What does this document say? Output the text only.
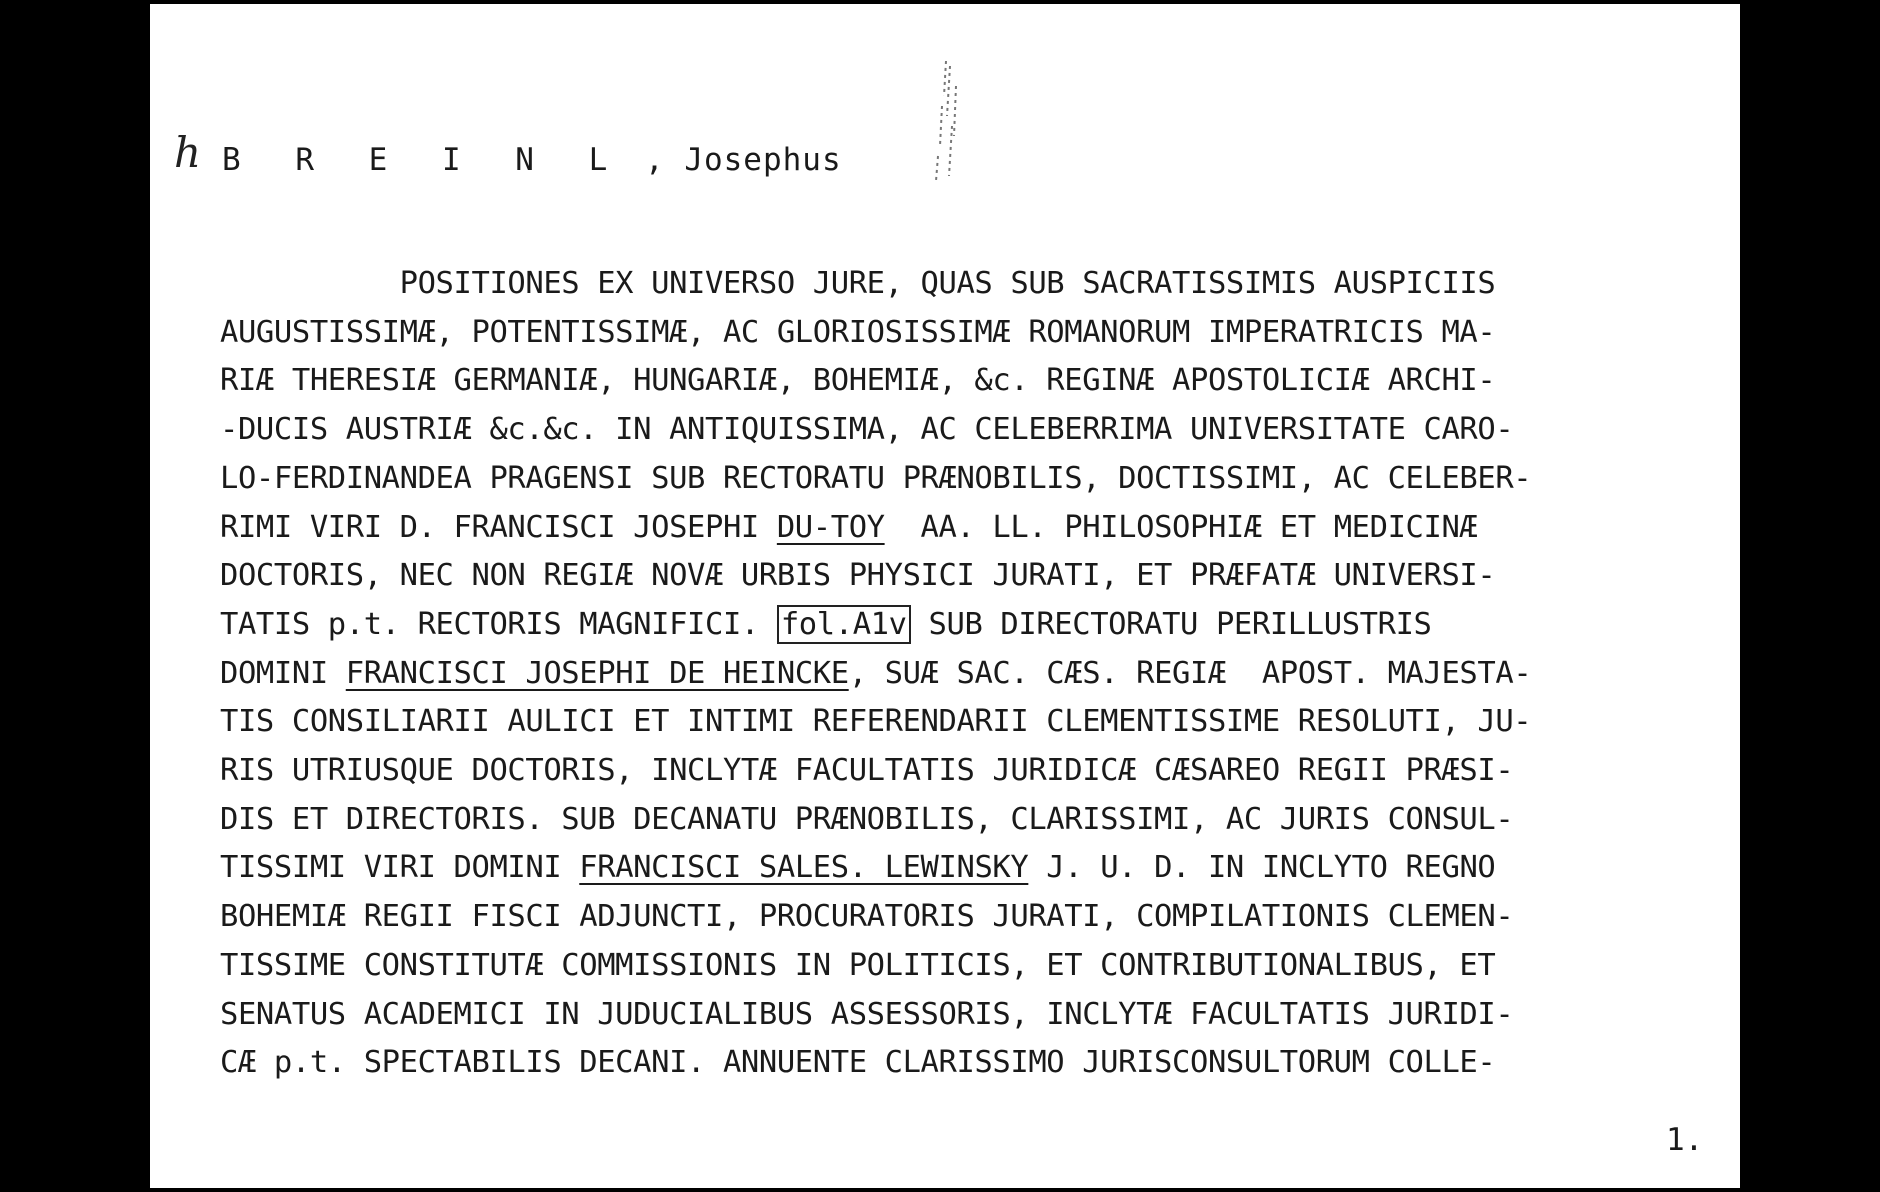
h B R E I N L , Josephus
POSITIONES EX UNIVERSO JURE, QUAS SUB SACRATISSIMIS AUSPICIIS
AUGUSTISSIMÆ, POTENTISSIMÆ, AC GLORIOSISSIMÆ ROMANORUM IMPERATRICIS MA-
RIÆ THERESIÆ GERMANIÆ, HUNGARIÆ, BOHEMIÆ, &c. REGINÆ APOSTOLICIÆ ARCHI-
-DUCIS AUSTRIÆ &c.&c. IN ANTIQUISSIMA, AC CELEBERRIMA UNIVERSITATE CARO-
LO-FERDINANDEA PRAGENSI SUB RECTORATU PRÆNOBILIS, DOCTISSIMI, AC CELEBER-
RIMI VIRI D. FRANCISCI JOSEPHI DU-TOY  AA. LL. PHILOSOPHIÆ ET MEDICINÆ
DOCTORIS, NEC NON REGIÆ NOVÆ URBIS PHYSICI JURATI, ET PRÆFATÆ UNIVERSI-
TATIS p.t. RECTORIS MAGNIFICI. fol.A1v SUB DIRECTORATU PERILLUSTRIS
DOMINI FRANCISCI JOSEPHI DE HEINCKE, SUÆ SAC. CÆS. REGIÆ  APOST. MAJESTA-
TIS CONSILIARII AULICI ET INTIMI REFERENDARII CLEMENTISSIME RESOLUTI, JU-
RIS UTRIUSQUE DOCTORIS, INCLYTÆ FACULTATIS JURIDICÆ CÆSAREO REGII PRÆSI-
DIS ET DIRECTORIS. SUB DECANATU PRÆNOBILIS, CLARISSIMI, AC JURIS CONSUL-
TISSIMI VIRI DOMINI FRANCISCI SALES. LEWINSKY J. U. D. IN INCLYTO REGNO
BOHEMIÆ REGII FISCI ADJUNCTI, PROCURATORIS JURATI, COMPILATIONIS CLEMEN-
TISSIME CONSTITUTÆ COMMISSIONIS IN POLITICIS, ET CONTRIBUTIONALIBUS, ET
SENATUS ACADEMICI IN JUDUCIALIBUS ASSESSORIS, INCLYTÆ FACULTATIS JURIDI-
CÆ p.t. SPECTABILIS DECANI. ANNUENTE CLARISSIMO JURISCONSULTORUM COLLE-
1.
